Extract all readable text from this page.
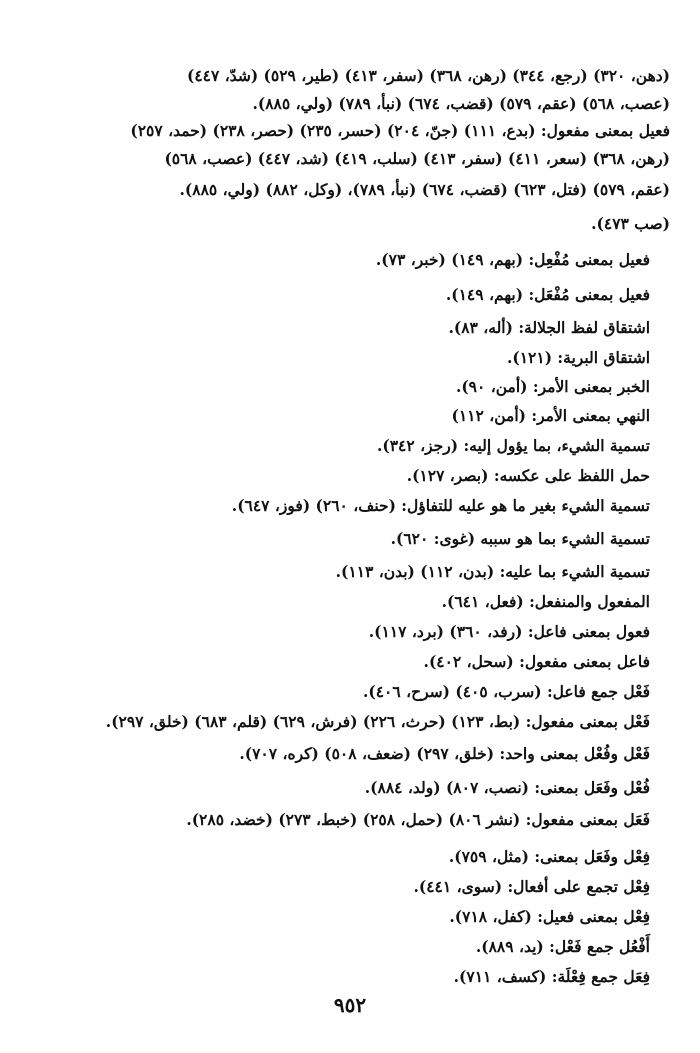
(دهن، ٣٢٠) (رجع، ٣٤٤) (رهن، ٣٦٨) (سفر، ٤١٣) (طير، ٥٢٩) (شدّ، ٤٤٧)
(عصب، ٥٦٨) (عقم، ٥٧٩) (قضب، ٦٧٤) (نبأ، ٧٨٩) (ولي، ٨٨٥).
فعيل بمعنى مفعول: (بدع، ١١١) (جنّ، ٢٠٤) (حسر، ٢٣٥) (حصر، ٢٣٨) (حمد، ٢٥٧)
(رهن، ٣٦٨) (سعر، ٤١١) (سفر، ٤١٣) (سلب، ٤١٩) (شد، ٤٤٧) (عصب، ٥٦٨)
(عقم، ٥٧٩) (فتل، ٦٢٣) (قضب، ٦٧٤) (نبأ، ٧٨٩)، (وكل، ٨٨٢) (ولي، ٨٨٥).
(صب ٤٧٣).
فعيل بمعنى مُفْعِل: (بهم، ١٤٩) (خبر، ٧٣).
فعيل بمعنى مُفْعَل: (بهم، ١٤٩).
اشتقاق لفظ الجلالة: (أله، ٨٣).
اشتقاق البرية: (١٢١).
الخبر بمعنى الأمر: (أمن، ٩٠).
النهي بمعنى الأمر: (أمن، ١١٢)
تسمية الشيء، بما يؤول إليه: (رجز، ٣٤٢).
حمل اللفظ على عكسه: (بصر، ١٢٧).
تسمية الشيء بغير ما هو عليه للتفاؤل: (حنف، ٢٦٠) (فوز، ٦٤٧).
تسمية الشيء بما هو سببه (غوى: ٦٢٠).
تسمية الشيء بما عليه: (بدن، ١١٢) (بدن، ١١٣).
المفعول والمنفعل: (فعل، ٦٤١).
فعول بمعنى فاعل: (رفد، ٣٦٠) (برد، ١١٧).
فاعل بمعنى مفعول: (سحل، ٤٠٢).
فَعْل جمع فاعل: (سرب، ٤٠٥) (سرح، ٤٠٦).
فَعْل بمعنى مفعول: (بط، ١٢٣) (حرث، ٢٢٦) (فرش، ٦٢٩) (قلم، ٦٨٣) (خلق، ٢٩٧).
فَعْل وفُعْل بمعنى واحد: (خلق، ٢٩٧) (ضعف، ٥٠٨) (كره، ٧٠٧).
فُعْل وفَعَل بمعنى: (نصب، ٨٠٧) (ولد، ٨٨٤).
فَعَل بمعنى مفعول: (نشر ٨٠٦) (حمل، ٢٥٨) (خبط، ٢٧٣) (خضد، ٢٨٥).
فِعْل وفَعَل بمعنى: (مثل، ٧٥٩).
فِعْل تجمع على أفعال: (سوى، ٤٤١).
فِعْل بمعنى فعيل: (كفل، ٧١٨).
أَفْعُل جمع فَعْل: (يد، ٨٨٩).
فِعَل جمع فِعْلَة: (كسف، ٧١١).
٩٥٢
